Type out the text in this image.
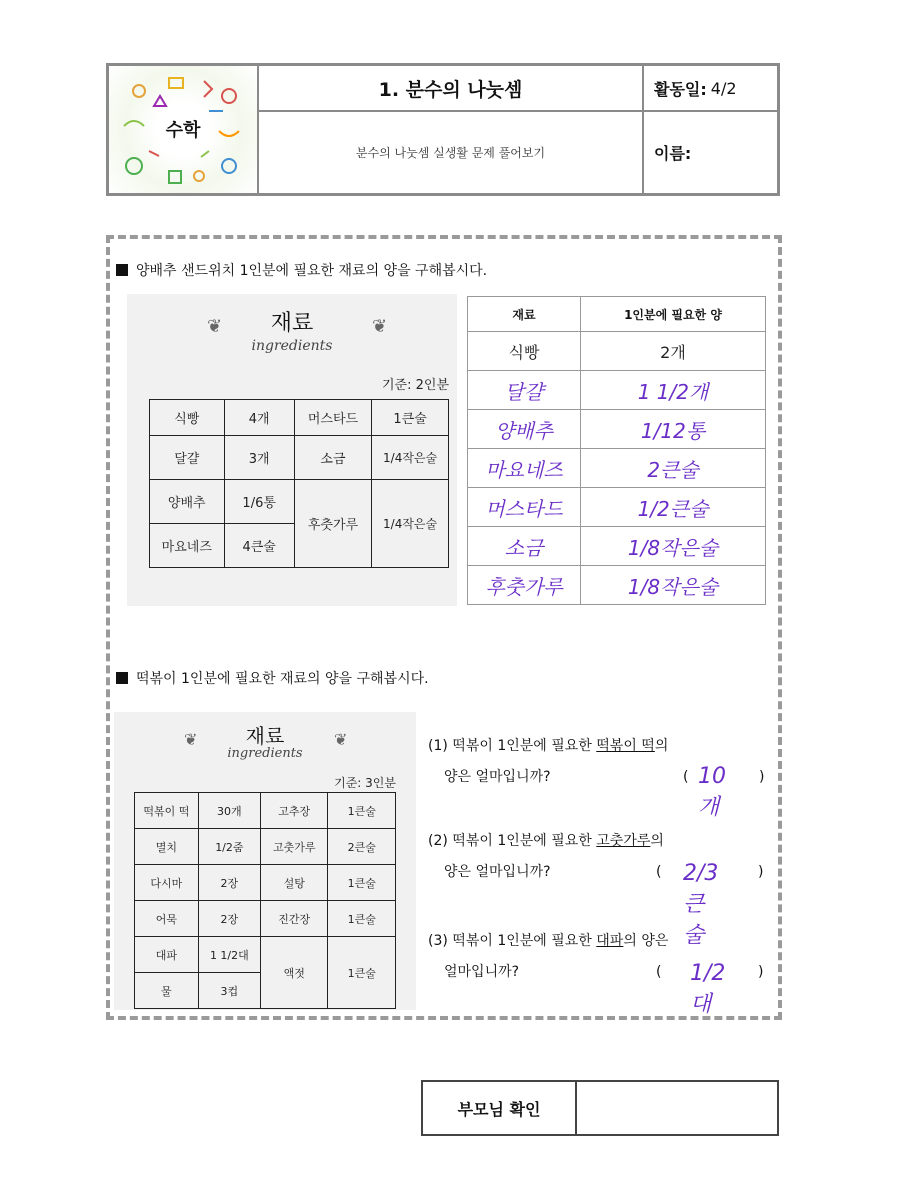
수학
1. 분수의 나눗셈	활동일: 4/2
분수의 나눗셈 실생활 문제 풀어보기	이름:
양배추 샌드위치 1인분에 필요한 재료의 양을 구해봅시다.
❦	❦
재료
ingredients
기준: 2인분
식빵	4개	머스타드	1큰술
달걀	3개	소금	1/4작은술
양배추	1/6통	후춧가루	1/4작은술
마요네즈	4큰술		
재료	1인분에 필요한 양
식빵	2개
달걀	1 1/2개
양배추	1/12통
마요네즈	2큰술
머스타드	1/2큰술
소금	1/8작은술
후춧가루	1/8작은술
떡볶이 1인분에 필요한 재료의 양을 구해봅시다.
❦	❦
재료
ingredients
기준: 3인분
떡볶이 떡	30개	고추장	1큰술
멸치	1/2줌	고춧가루	2큰술
다시마	2장	설탕	1큰술
어묵	2장	진간장	1큰술
대파	1 1/2대	액젓	1큰술
물	3컵		
(1) 떡볶이 1인분에 필요한 떡볶이 떡의
양은 얼마입니까?	(	)
10개
(2) 떡볶이 1인분에 필요한 고춧가루의
양은 얼마입니까?	(	)
2/3큰술
(3) 떡볶이 1인분에 필요한 대파의 양은
얼마입니까?	(	)
1/2대
부모님 확인
